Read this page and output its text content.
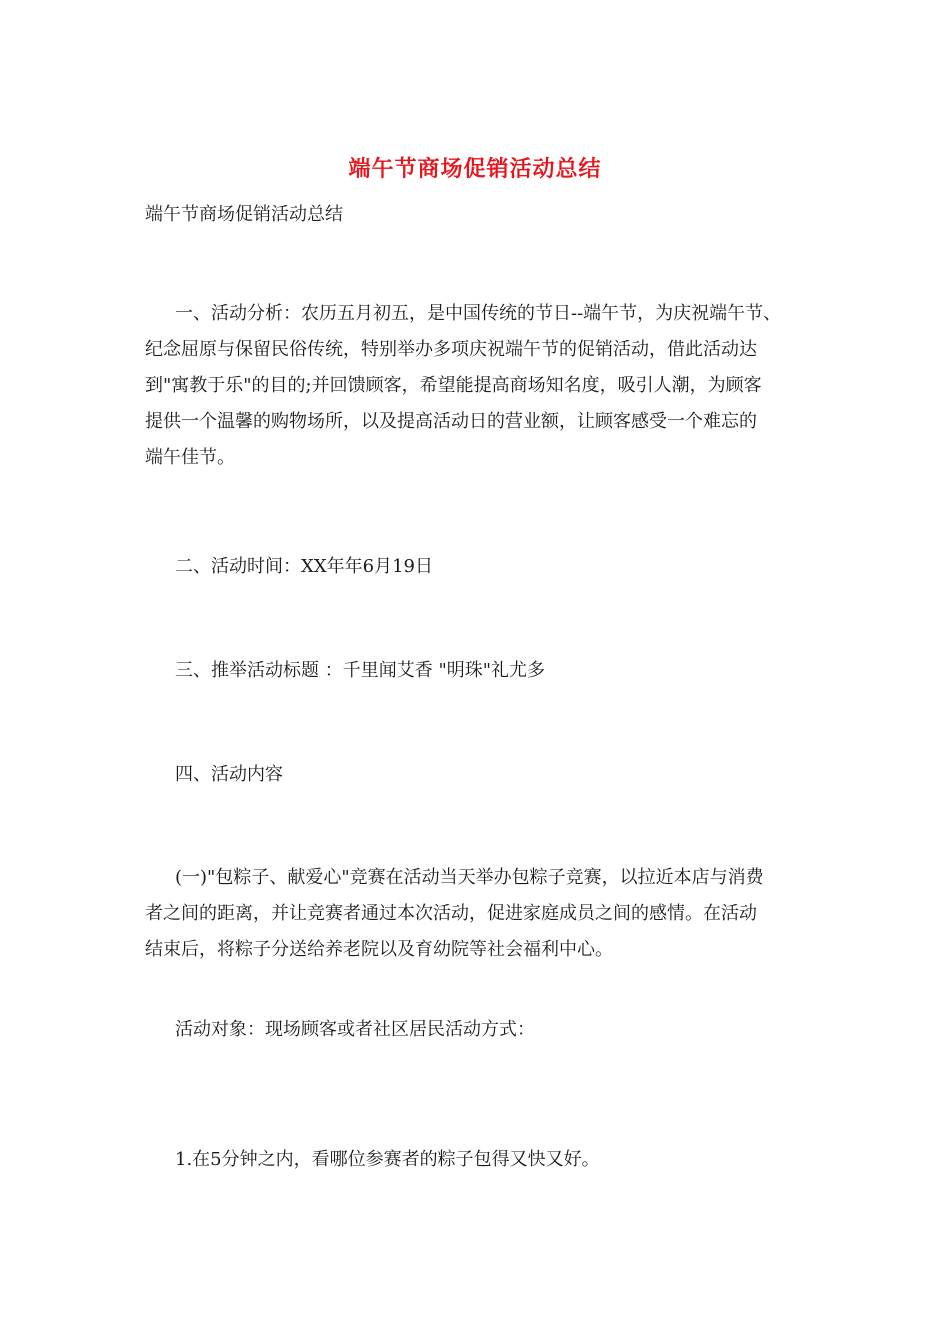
端午节商场促销活动总结
端午节商场促销活动总结
一、活动分析：农历五月初五，是中国传统的节日--端午节，为庆祝端午节、
纪念屈原与保留民俗传统，特别举办多项庆祝端午节的促销活动，借此活动达
到"寓教于乐"的目的;并回馈顾客，希望能提高商场知名度，吸引人潮，为顾客
提供一个温馨的购物场所，以及提高活动日的营业额，让顾客感受一个难忘的
端午佳节。
二、活动时间：XX年年6月19日
三、推举活动标题 ：千里闻艾香 "明珠"礼尤多
四、活动内容
(一)"包粽子、献爱心"竞赛在活动当天举办包粽子竞赛，以拉近本店与消费
者之间的距离，并让竞赛者通过本次活动，促进家庭成员之间的感情。在活动
结束后，将粽子分送给养老院以及育幼院等社会福利中心。
活动对象：现场顾客或者社区居民活动方式：
1.在5分钟之内，看哪位参赛者的粽子包得又快又好。
